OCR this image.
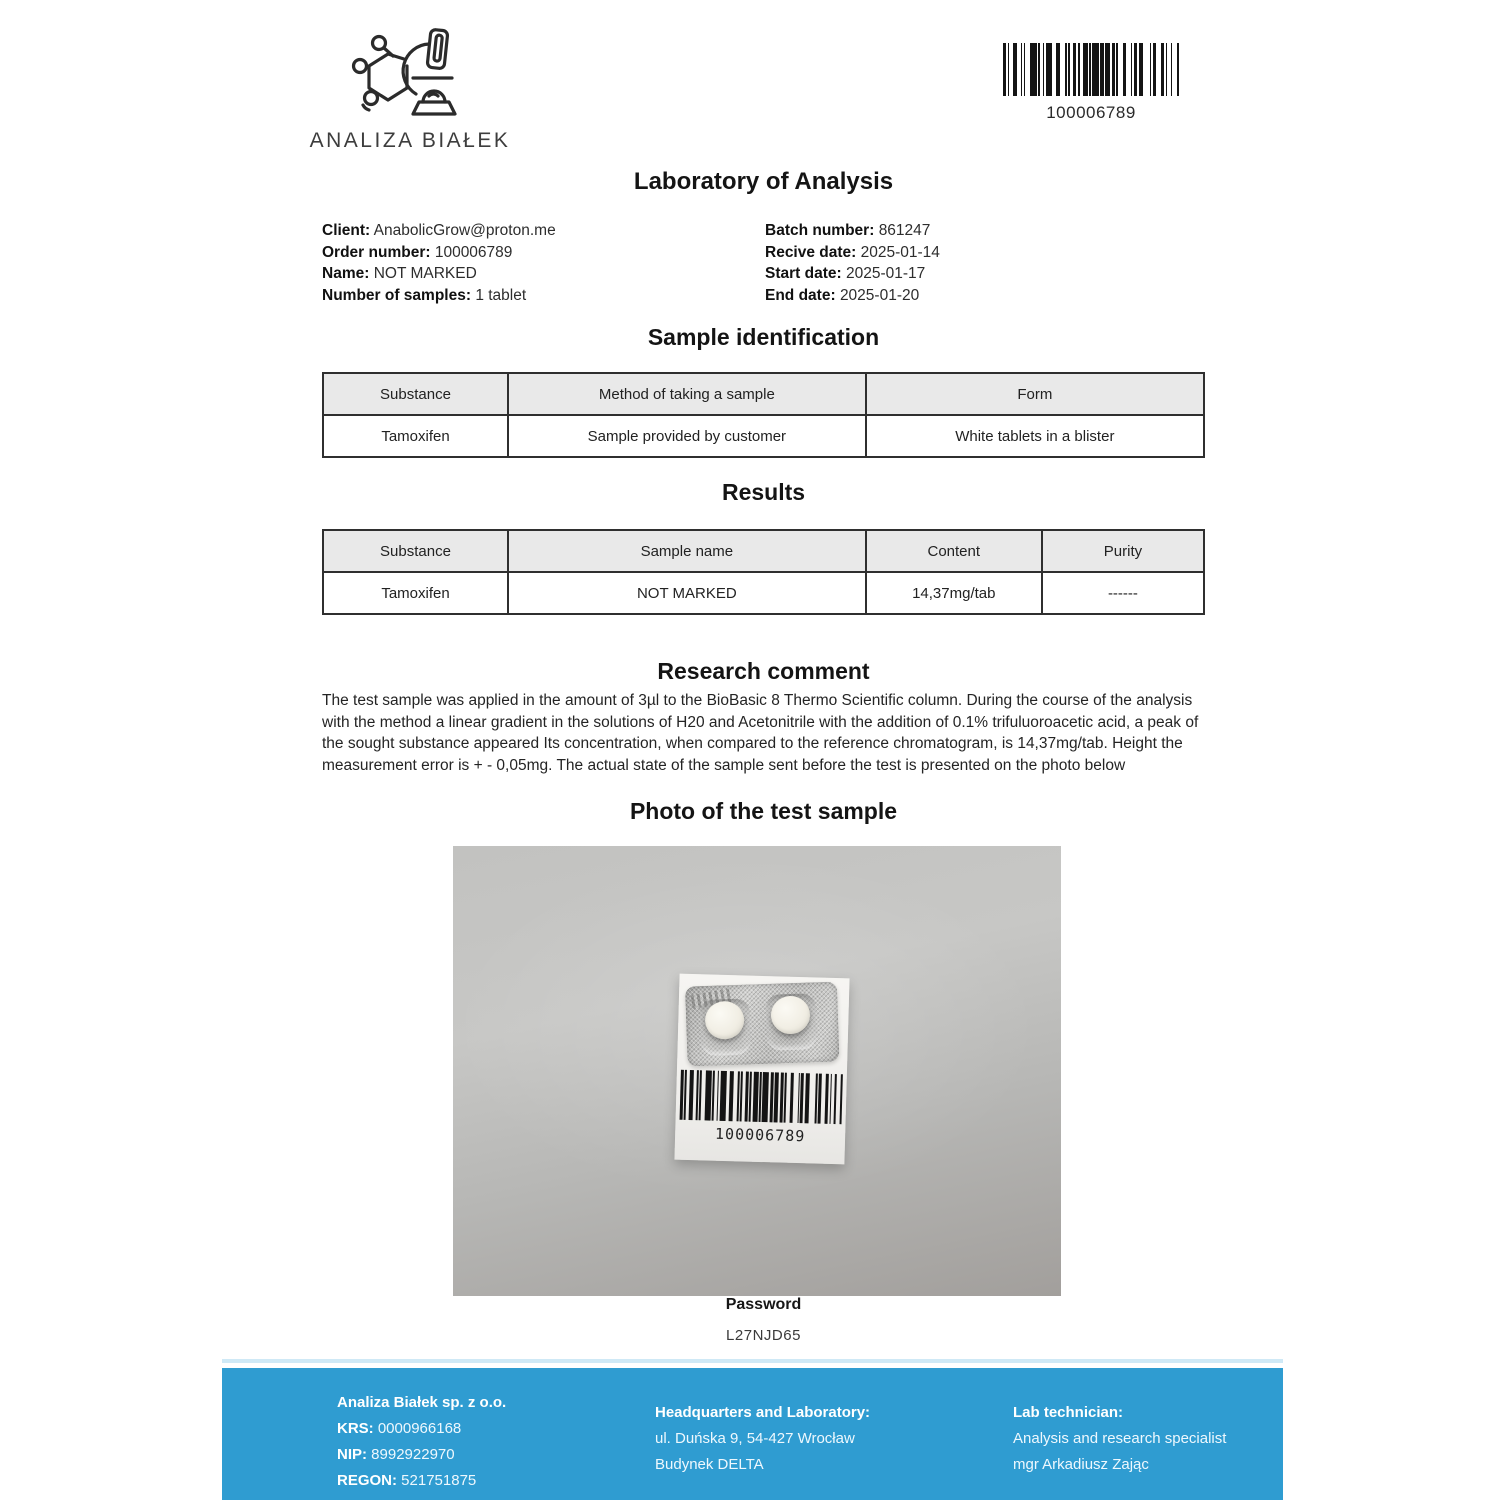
ANALIZA BIAŁEK
100006789
Laboratory of Analysis
Client: AnabolicGrow@proton.me
Order number: 100006789
Name: NOT MARKED
Number of samples: 1 tablet
Batch number: 861247
Recive date: 2025-01-14
Start date: 2025-01-17
End date: 2025-01-20
Sample identification
Substance	Method of taking a sample	Form
Tamoxifen	Sample provided by customer	White tablets in a blister
Results
Substance	Sample name	Content	Purity
Tamoxifen	NOT MARKED	14,37mg/tab	------
Research comment
The test sample was applied in the amount of 3µl to the BioBasic 8 Thermo Scientific column. During the course of the analysis with the method a linear gradient in the solutions of H20 and Acetonitrile with the addition of 0.1% trifuluoroacetic acid, a peak of the sought substance appeared Its concentration, when compared to the reference chromatogram, is 14,37mg/tab. Height the measurement error is + - 0,05mg. The actual state of the sample sent before the test is presented on the photo below
Photo of the test sample
100006789
Password
L27NJD65
Analiza Białek sp. z o.o.
KRS: 0000966168
NIP: 8992922970
REGON: 521751875
Headquarters and Laboratory:
ul. Duńska 9, 54-427 Wrocław
Budynek DELTA
Lab technician:
Analysis and research specialist
mgr Arkadiusz Zając
